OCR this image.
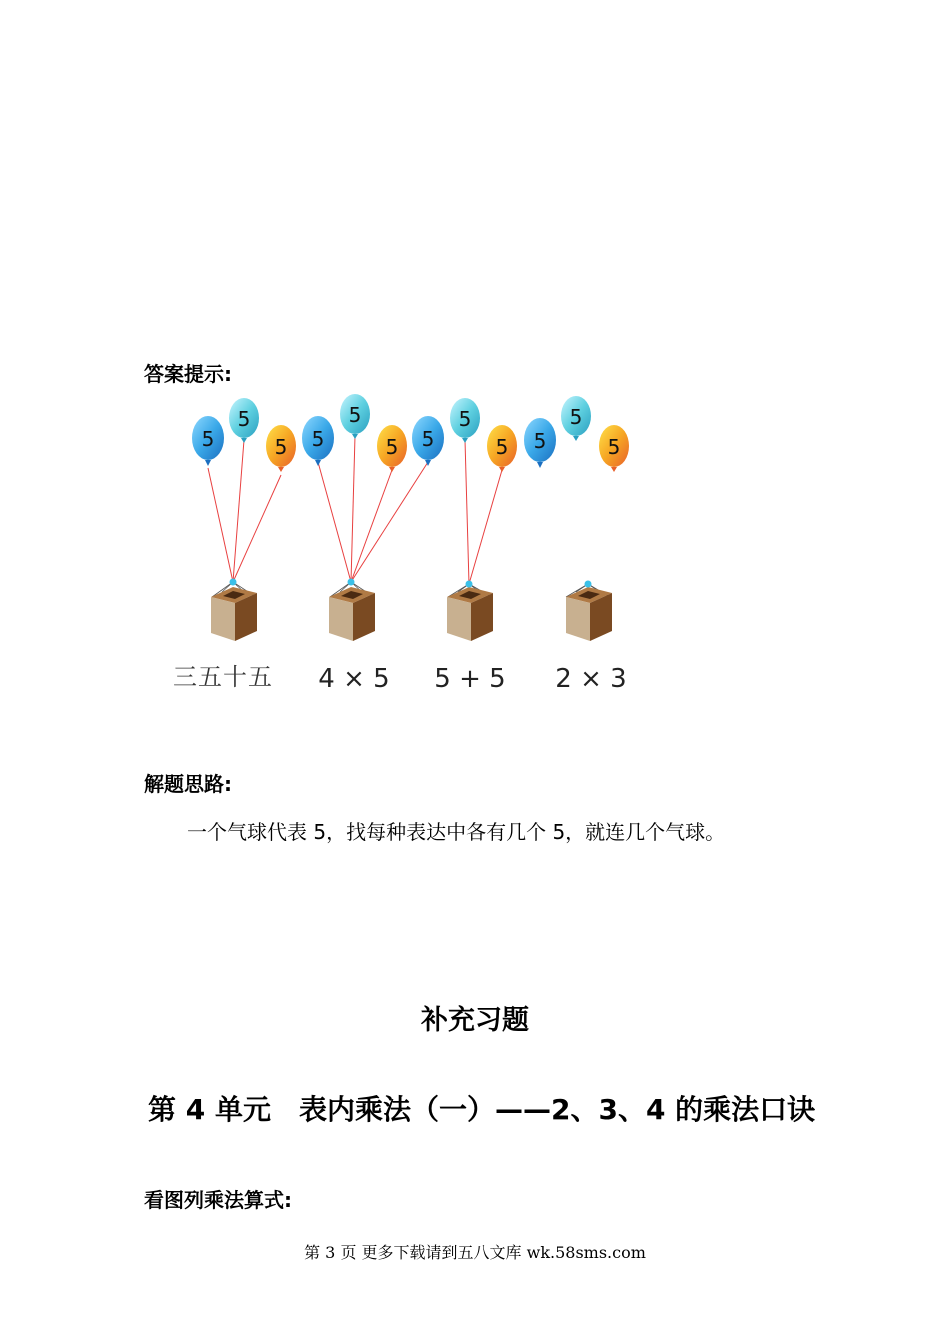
答案提示:
5
5
5 5
5
5 5
5
5 5
5
5
三五十五 4 × 5 5 + 5 2 × 3
解题思路:
一个气球代表 5，找每种表达中各有几个 5，就连几个气球。
补充习题
第 4 单元　表内乘法（一）——2、3、4 的乘法口诀
看图列乘法算式:
第 3 页 更多下载请到五八文库 wk.58sms.com
